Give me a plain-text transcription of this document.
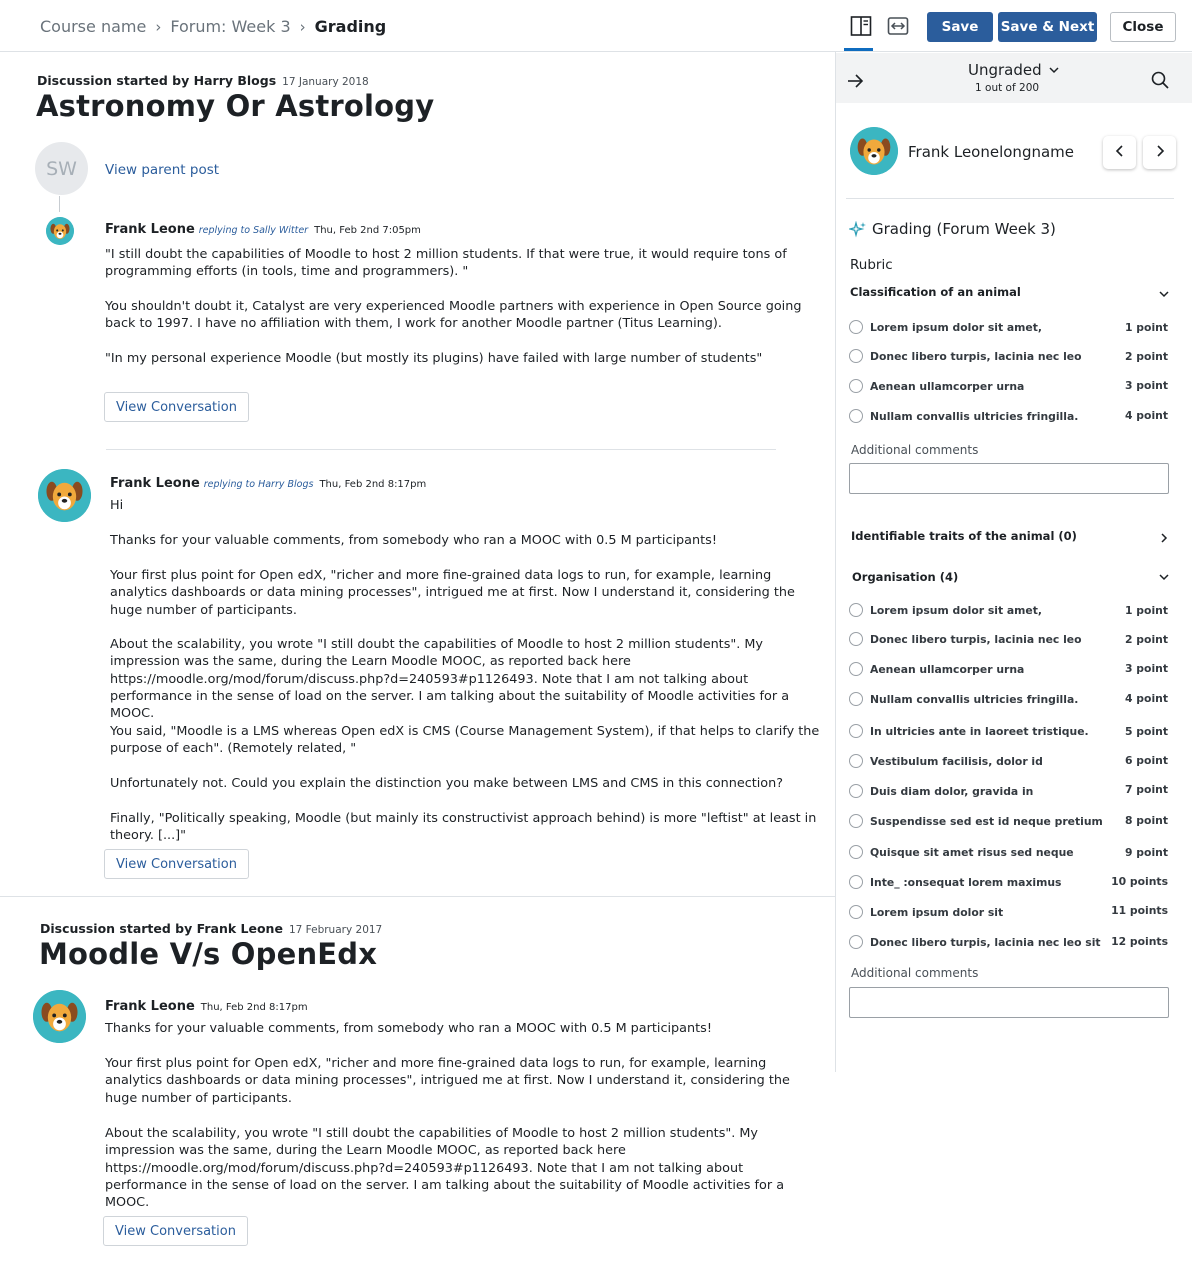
Course name › Forum: Week 3 › Grading	Save	Save & Next	Close
Discussion started by Harry Blogs 17 January 2018
Astronomy Or Astrology
SW	View parent post
Frank Leone replying to Sally Witter Thu, Feb 2nd 7:05pm
"I still doubt the capabilities of Moodle to host 2 million students. If that were true, it would require tons of programming efforts (in tools, time and programmers). "
You shouldn't doubt it, Catalyst are very experienced Moodle partners with experience in Open Source going back to 1997. I have no affiliation with them, I work for another Moodle partner (Titus Learning).
"In my personal experience Moodle (but mostly its plugins) have failed with large number of students"
View Conversation
Frank Leone replying to Harry Blogs Thu, Feb 2nd 8:17pm
Hi
Thanks for your valuable comments, from somebody who ran a MOOC with 0.5 M participants!
Your first plus point for Open edX, "richer and more fine-grained data logs to run, for example, learning analytics dashboards or data mining processes", intrigued me at first. Now I understand it, considering the huge number of participants.
About the scalability, you wrote "I still doubt the capabilities of Moodle to host 2 million students". My impression was the same, during the Learn Moodle MOOC, as reported back here https://moodle.org/mod/forum/discuss.php?d=240593#p1126493. Note that I am not talking about performance in the sense of load on the server. I am talking about the suitability of Moodle activities for a MOOC.
You said, "Moodle is a LMS whereas Open edX is CMS (Course Management System), if that helps to clarify the purpose of each". (Remotely related, "
Unfortunately not. Could you explain the distinction you make between LMS and CMS in this connection?
Finally, "Politically speaking, Moodle (but mainly its constructivist approach behind) is more "leftist" at least in theory. [...]"
View Conversation
Discussion started by Frank Leone 17 February 2017
Moodle V/s OpenEdx
Frank Leone Thu, Feb 2nd 8:17pm
Thanks for your valuable comments, from somebody who ran a MOOC with 0.5 M participants!
Your first plus point for Open edX, "richer and more fine-grained data logs to run, for example, learning analytics dashboards or data mining processes", intrigued me at first. Now I understand it, considering the huge number of participants.
About the scalability, you wrote "I still doubt the capabilities of Moodle to host 2 million students". My impression was the same, during the Learn Moodle MOOC, as reported back here https://moodle.org/mod/forum/discuss.php?d=240593#p1126493. Note that I am not talking about performance in the sense of load on the server. I am talking about the suitability of Moodle activities for a MOOC.
View Conversation
Ungraded
1 out of 200
Frank Leonelongname
Grading (Forum Week 3)
Rubric
Classification of an animal
Lorem ipsum dolor sit amet,	1 point
Donec libero turpis, lacinia nec leo	2 point
Aenean ullamcorper urna	3 point
Nullam convallis ultricies fringilla.	4 point
Additional comments
Identifiable traits of the animal (0)
Organisation (4)
Lorem ipsum dolor sit amet,	1 point
Donec libero turpis, lacinia nec leo	2 point
Aenean ullamcorper urna	3 point
Nullam convallis ultricies fringilla.	4 point
In ultricies ante in laoreet tristique.	5 point
Vestibulum facilisis, dolor id	6 point
Duis diam dolor, gravida in	7 point
Suspendisse sed est id neque pretium 8 point
Quisque sit amet risus sed neque	9 point
Inte_ :onsequat lorem maximus	10 points
Lorem ipsum dolor sit	11 points
Donec libero turpis, lacinia nec leo sit 12 points
Additional comments
